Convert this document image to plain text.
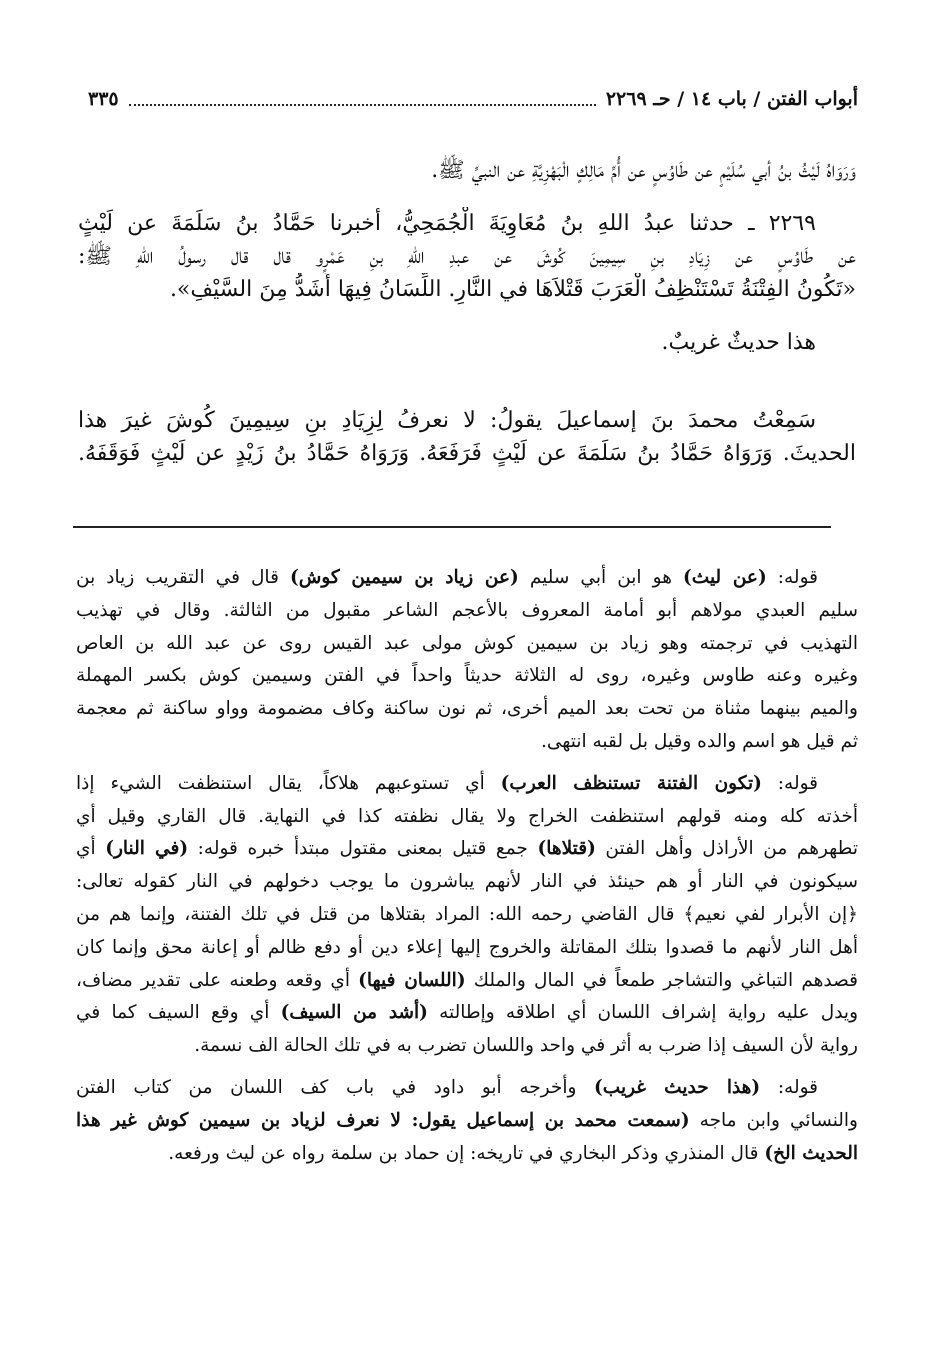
أبواب الفتن / باب ١٤ / حـ ٢٢٦٩
٣٣٥
وَرَوَاهُ لَيْثُ بنُ أبي سُلَيْمٍ عن طَاوُسٍ عن أُمِّ مَالِكٍ الْبَهْزِيَّةِ عن النبيِّ ﷺ.
٢٢٦٩ ـ حدثنا عبدُ اللهِ بنُ مُعَاوِيَةَ الْجُمَحِيُّ، أخبرنا حَمَّادُ بنُ سَلَمَةَ عن لَيْثٍ
عن طَاوُسٍ عن زِيَادِ بنِ سِيمِينَ كُوشَ عن عبدِ اللهِ بنِ عَمْرٍو قال قال رسولُ اللهِ ﷺ:
«تَكُونُ الفِتْنَةُ تَسْتَنْظِفُ الْعَرَبَ قَتْلاَهَا في النَّارِ. اللِّسَانُ فِيهَا أَشَدُّ مِنَ السَّيْفِ».
هذا حديثٌ غريبٌ.
سَمِعْتُ محمدَ بنَ إسماعيلَ يقولُ: لا نعرفُ لِزِيَادِ بنِ سِيمِينَ كُوشَ غيرَ هذا
الحديثَ. وَرَوَاهُ حَمَّادُ بنُ سَلَمَةَ عن لَيْثٍ فَرَفَعَهُ. وَرَوَاهُ حَمَّادُ بنُ زَيْدٍ عن لَيْثٍ فَوَقَفَهُ.
قوله: (عن ليث) هو ابن أبي سليم (عن زياد بن سيمين كوش) قال في التقريب زياد بن
سليم العبدي مولاهم أبو أمامة المعروف بالأعجم الشاعر مقبول من الثالثة. وقال في تهذيب
التهذيب في ترجمته وهو زياد بن سيمين كوش مولى عبد القيس روى عن عبد الله بن العاص
وغيره وعنه طاوس وغيره، روى له الثلاثة حديثاً واحداً في الفتن وسيمين كوش بكسر المهملة
والميم بينهما مثناة من تحت بعد الميم أخرى، ثم نون ساكنة وكاف مضمومة وواو ساكنة ثم معجمة
ثم قيل هو اسم والده وقيل بل لقبه انتهى.
قوله: (تكون الفتنة تستنظف العرب) أي تستوعبهم هلاكاً، يقال استنظفت الشيء إذا
أخذته كله ومنه قولهم استنظفت الخراج ولا يقال نظفته كذا في النهاية. قال القاري وقيل أي
تطهرهم من الأراذل وأهل الفتن (قتلاها) جمع قتيل بمعنى مقتول مبتدأ خبره قوله: (في النار) أي
سيكونون في النار أو هم حينئذ في النار لأنهم يباشرون ما يوجب دخولهم في النار كقوله تعالى:
﴿إن الأبرار لفي نعيم﴾ قال القاضي رحمه الله: المراد بقتلاها من قتل في تلك الفتنة، وإنما هم من
أهل النار لأنهم ما قصدوا بتلك المقاتلة والخروج إليها إعلاء دين أو دفع ظالم أو إعانة محق وإنما كان
قصدهم التباغي والتشاجر طمعاً في المال والملك (اللسان فيها) أي وقعه وطعنه على تقدير مضاف،
ويدل عليه رواية إشراف اللسان أي اطلاقه وإطالته (أشد من السيف) أي وقع السيف كما في
رواية لأن السيف إذا ضرب به أثر في واحد واللسان تضرب به في تلك الحالة الف نسمة.
قوله: (هذا حديث غريب) وأخرجه أبو داود في باب كف اللسان من كتاب الفتن
والنسائي وابن ماجه (سمعت محمد بن إسماعيل يقول: لا نعرف لزياد بن سيمين كوش غير هذا
الحديث الخ) قال المنذري وذكر البخاري في تاريخه: إن حماد بن سلمة رواه عن ليث ورفعه.
